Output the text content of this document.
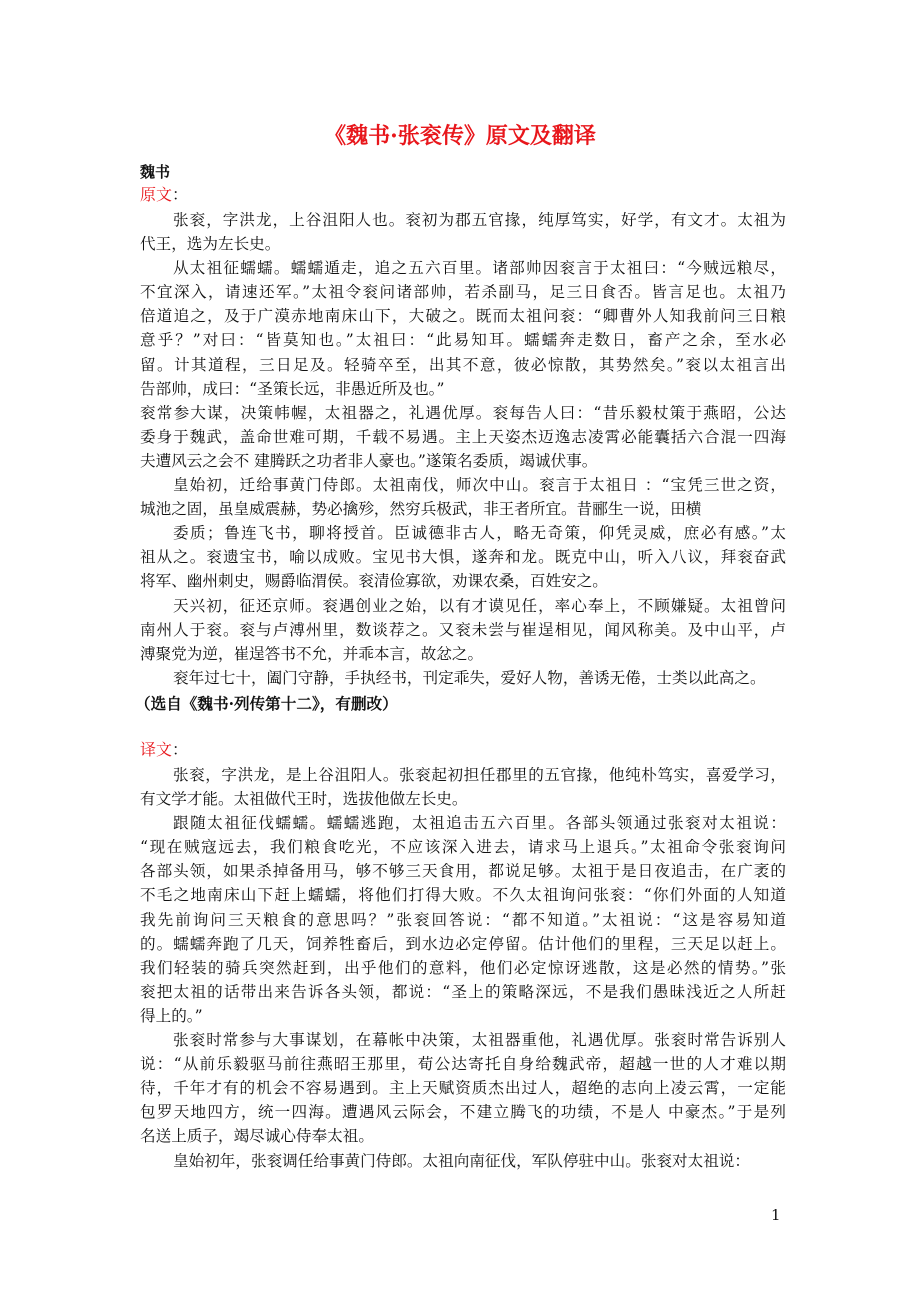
《魏书·张衮传》原文及翻译
魏书
原文：
张衮，字洪龙，上谷沮阳人也。衮初为郡五官掾，纯厚笃实，好学，有文才。太祖为
代王，选为左长史。
从太祖征蠕蠕。蠕蠕遁走，追之五六百里。诸部帅因衮言于太祖曰：“今贼远粮尽，
不宜深入，请速还军。”太祖令衮问诸部帅，若杀副马，足三日食否。皆言足也。太祖乃
倍道追之，及于广漠赤地南床山下，大破之。既而太祖问衮：“卿曹外人知我前问三日粮
意乎？”对曰：“皆莫知也。”太祖曰：“此易知耳。蠕蠕奔走数日，畜产之余，至水必
留。计其道程，三日足及。轻骑卒至，出其不意，彼必惊散，其势然矣。”衮以太祖言出
告部帅，成曰：“圣策长远，非愚近所及也。”
衮常参大谋，决策帏幄，太祖器之，礼遇优厚。衮每告人曰：“昔乐毅杖策于燕昭，公达
委身于魏武，盖命世难可期，千载不易遇。主上天姿杰迈逸志凌霄必能囊括六合混一四海
夫遭风云之会不 建腾跃之功者非人豪也。”遂策名委质，竭诚伏事。
皇始初，迁给事黄门侍郎。太祖南伐，师次中山。衮言于太祖日 ：“宝凭三世之资，
城池之固，虽皇威震赫，势必擒殄，然穷兵极武，非王者所宜。昔郦生一说，田横
委质；鲁连飞书，聊将授首。臣诚德非古人，略无奇策，仰凭灵威，庶必有感。”太
祖从之。衮遗宝书，喻以成败。宝见书大惧，遂奔和龙。既克中山，听入八议，拜衮奋武
将军、幽州刺史，赐爵临渭侯。衮清俭寡欲，劝课农桑，百姓安之。
天兴初，征还京师。衮遇创业之始，以有才谟见任，率心奉上，不顾嫌疑。太祖曾问
南州人于衮。衮与卢溥州里，数谈荐之。又衮未尝与崔逞相见，闻风称美。及中山平，卢
溥聚党为逆，崔逞答书不允，并乖本言，故忿之。
衮年过七十，阖门守静，手执经书，刊定乖失，爱好人物，善诱无倦，士类以此高之。
（选自《魏书·列传第十二》，有删改）
译文：
张衮，字洪龙，是上谷沮阳人。张衮起初担任郡里的五官掾，他纯朴笃实，喜爱学习，
有文学才能。太祖做代王时，选拔他做左长史。
跟随太祖征伐蠕蠕。蠕蠕逃跑，太祖追击五六百里。各部头领通过张衮对太祖说：
“现在贼寇远去，我们粮食吃光，不应该深入进去，请求马上退兵。”太祖命令张衮询问
各部头领，如果杀掉备用马，够不够三天食用，都说足够。太祖于是日夜追击，在广袤的
不毛之地南床山下赶上蠕蠕，将他们打得大败。不久太祖询问张衮：“你们外面的人知道
我先前询问三天粮食的意思吗？”张衮回答说：“都不知道。”太祖说：“这是容易知道
的。蠕蠕奔跑了几天，饲养牲畜后，到水边必定停留。估计他们的里程，三天足以赶上。
我们轻装的骑兵突然赶到，出乎他们的意料，他们必定惊讶逃散，这是必然的情势。”张
衮把太祖的话带出来告诉各头领，都说：“圣上的策略深远，不是我们愚昧浅近之人所赶
得上的。”
张衮时常参与大事谋划，在幕帐中决策，太祖器重他，礼遇优厚。张衮时常告诉别人
说：“从前乐毅驱马前往燕昭王那里，荀公达寄托自身给魏武帝，超越一世的人才难以期
待，千年才有的机会不容易遇到。主上天赋资质杰出过人，超绝的志向上凌云霄，一定能
包罗天地四方，统一四海。遭遇风云际会，不建立腾飞的功绩，不是人 中豪杰。”于是列
名送上质子，竭尽诚心侍奉太祖。
皇始初年，张衮调任给事黄门侍郎。太祖向南征伐，军队停驻中山。张衮对太祖说：
1
